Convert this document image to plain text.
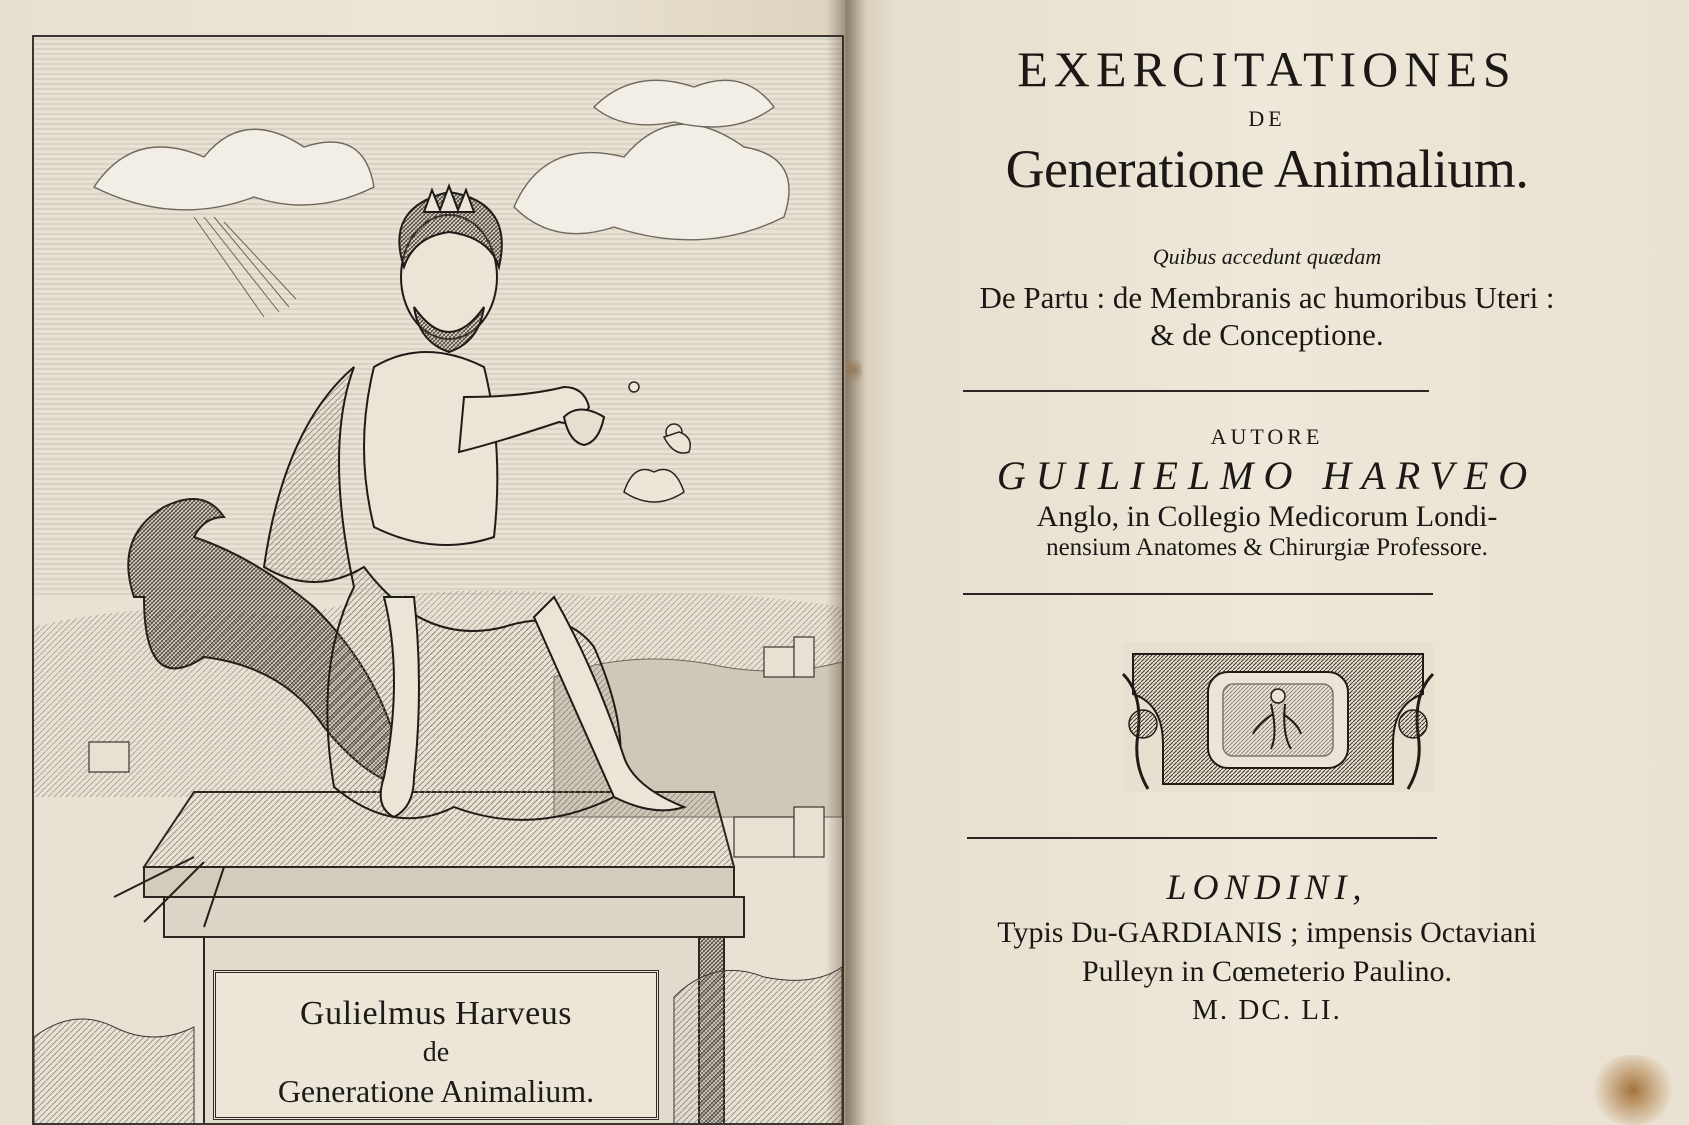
Gulielmus Harveus
de
Generatione Animalium.
EXERCITATIONES
DE
Generatione Animalium.
Quibus accedunt quædam
De Partu : de Membranis ac humoribus Uteri :
& de Conceptione.
AUTORE
GUILIELMO HARVEO
Anglo, in Collegio Medicorum Londi-
nensium Anatomes & Chirurgiæ Professore.
LONDINI,
Typis Du-GARDIANIS ; impensis Octaviani
Pulleyn in Cœmeterio Paulino.
M. DC. LI.
